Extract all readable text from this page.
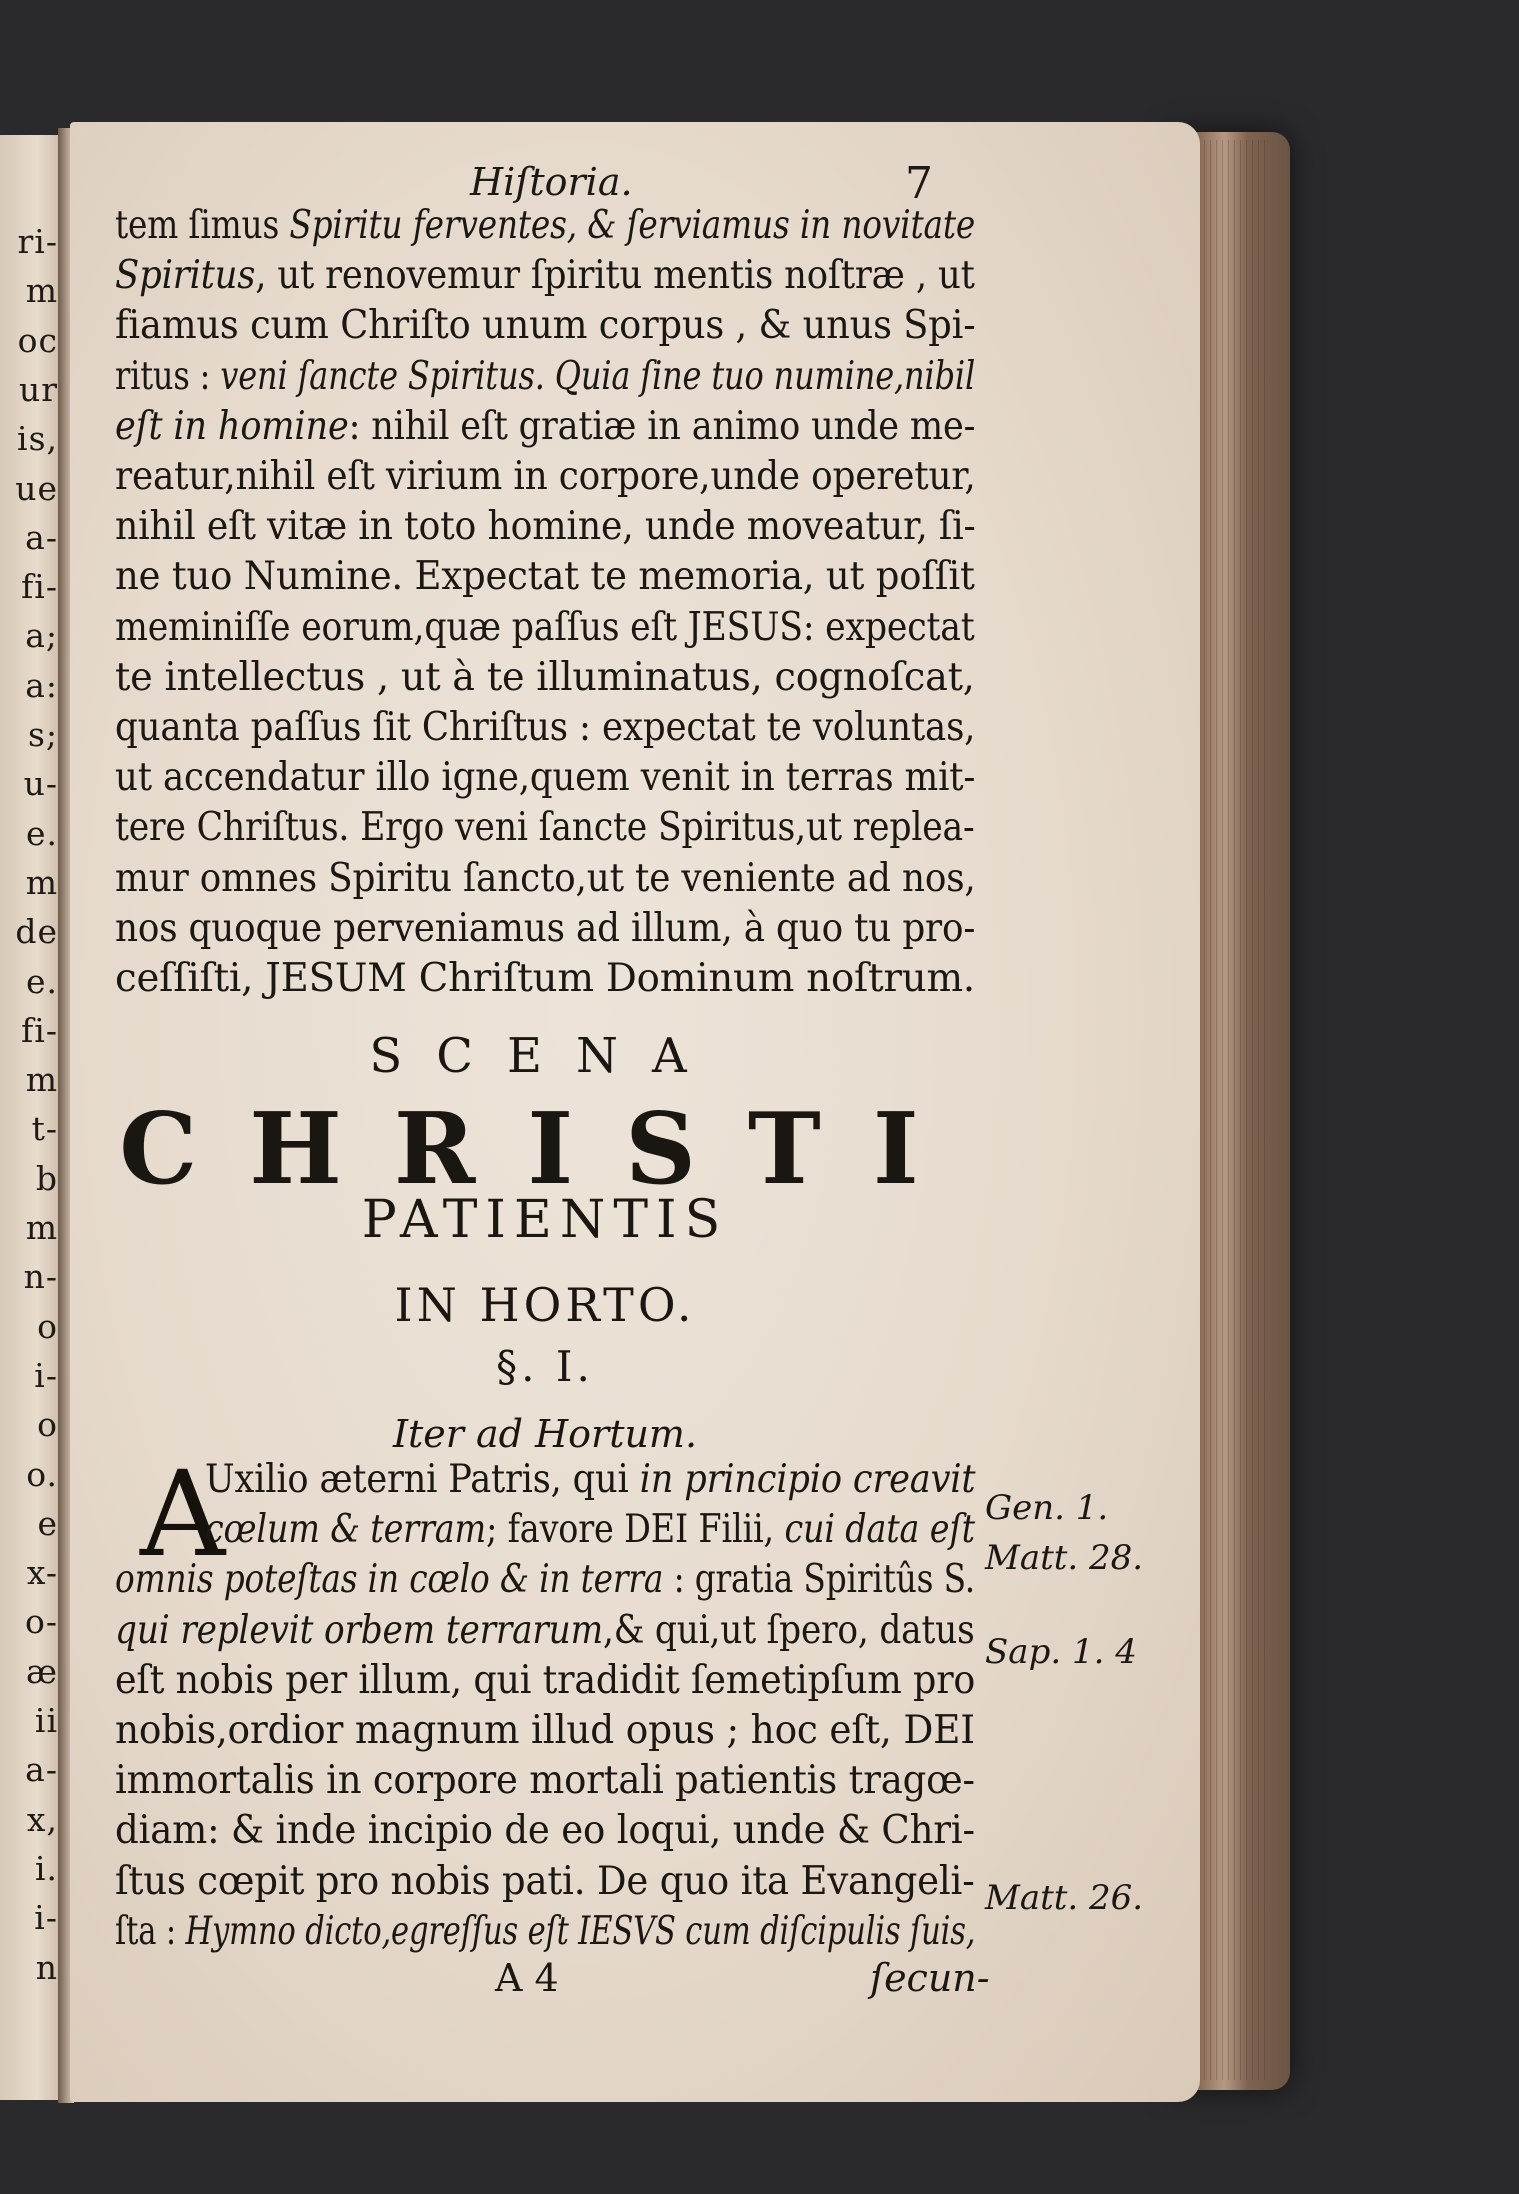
ri-
m
oc
ur
is,
ue
a-
fi-
a;
a:
s;
u-
e.
m
de
e.
fi-
m
t-
b
m
n-
o
i-
o
o.
e
x-
o-
æ
ii
a-
x,
i.
i-
n
Hiſtoria.	7
tem ſimus Spiritu ferventes, & ſerviamus in novitate
Spiritus, ut renovemur ſpiritu mentis noſtræ , ut
fiamus cum Chriſto unum corpus , & unus Spi-
ritus : veni ſancte Spiritus. Quia ſine tuo numine,nibil
eſt in homine: nihil eſt gratiæ in animo unde me-
reatur,nihil eſt virium in corpore,unde operetur,
nihil eſt vitæ in toto homine, unde moveatur, ſi-
ne tuo Numine. Expectat te memoria, ut poſſit
meminiſſe eorum,quæ paſſus eſt JESUS: expectat
te intellectus , ut à te illuminatus, cognoſcat,
quanta paſſus ſit Chriſtus : expectat te voluntas,
ut accendatur illo igne,quem venit in terras mit-
tere Chriſtus. Ergo veni ſancte Spiritus,ut replea-
mur omnes Spiritu ſancto,ut te veniente ad nos,
nos quoque perveniamus ad illum, à quo tu pro-
ceſſiſti, JESUM Chriſtum Dominum noſtrum.
SCENA
CHRISTI
PATIENTIS
IN HORTO.
§. I.
Iter ad Hortum.
A
Uxilio æterni Patris, qui in principio creavit
cœlum & terram; favore DEI Filii, cui data eſt
omnis poteſtas in cœlo & in terra : gratia Spiritûs S.
qui replevit orbem terrarum,& qui,ut ſpero, datus
eſt nobis per illum, qui tradidit ſemetipſum pro
nobis,ordior magnum illud opus ; hoc eſt, DEI
immortalis in corpore mortali patientis tragœ-
diam: & inde incipio de eo loqui, unde & Chri-
ſtus cœpit pro nobis pati. De quo ita Evangeli-
ſta : Hymno dicto,egreſſus eſt IESVS cum diſcipulis ſuis,
Gen. 1.
Matt. 28.
Sap. 1. 4
Matt. 26.
A 4	ſecun-
